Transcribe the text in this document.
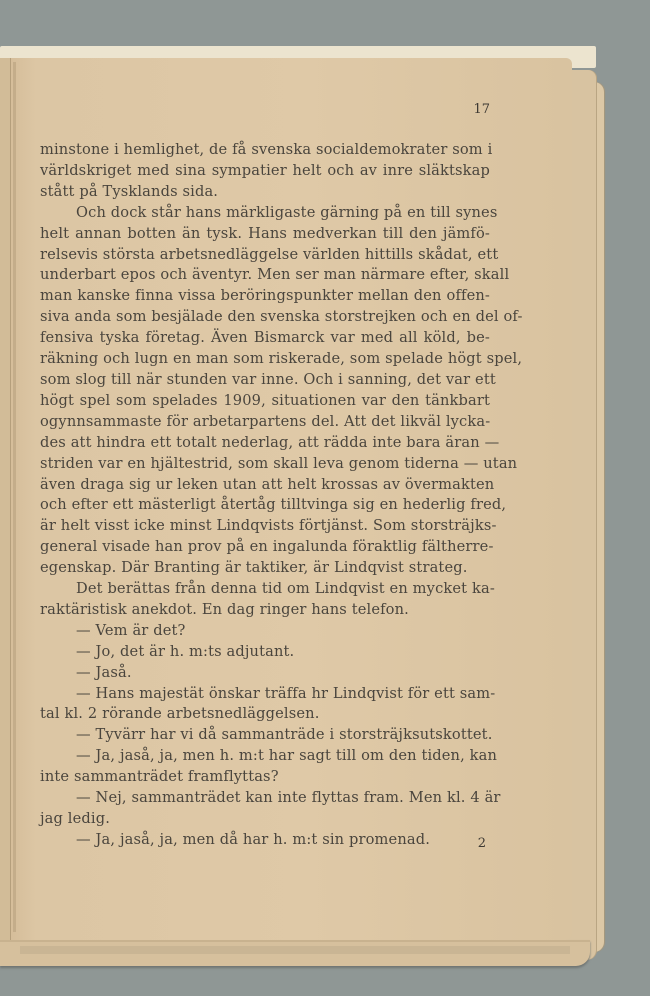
17
minstone i hemlighet, de få svenska socialdemokrater som i
världskriget med sina sympatier helt och av inre släktskap
stått på Tysklands sida.
Och dock står hans märkligaste gärning på en till synes
helt annan botten än tysk. Hans medverkan till den jämfö-
relsevis största arbetsnedläggelse världen hittills skådat, ett
underbart epos och äventyr. Men ser man närmare efter, skall
man kanske finna vissa beröringspunkter mellan den offen-
siva anda som besjälade den svenska storstrejken och en del of-
fensiva tyska företag. Även Bismarck var med all köld, be-
räkning och lugn en man som riskerade, som spelade högt spel,
som slog till när stunden var inne. Och i sanning, det var ett
högt spel som spelades 1909, situationen var den tänkbart
ogynnsammaste för arbetarpartens del. Att det likväl lycka-
des att hindra ett totalt nederlag, att rädda inte bara äran —
striden var en hjältestrid, som skall leva genom tiderna — utan
även draga sig ur leken utan att helt krossas av övermakten
och efter ett mästerligt återtåg tilltvinga sig en hederlig fred,
är helt visst icke minst Lindqvists förtjänst. Som storsträjks-
general visade han prov på en ingalunda föraktlig fältherre-
egenskap. Där Branting är taktiker, är Lindqvist strateg.
Det berättas från denna tid om Lindqvist en mycket ka-
raktäristisk anekdot. En dag ringer hans telefon.
— Vem är det?
— Jo, det är h. m:ts adjutant.
— Jaså.
— Hans majestät önskar träffa hr Lindqvist för ett sam-
tal kl. 2 rörande arbetsnedläggelsen.
— Tyvärr har vi då sammanträde i storsträjksutskottet.
— Ja, jaså, ja, men h. m:t har sagt till om den tiden, kan
inte sammanträdet framflyttas?
— Nej, sammanträdet kan inte flyttas fram. Men kl. 4 är
jag ledig.
— Ja, jaså, ja, men då har h. m:t sin promenad.	2
